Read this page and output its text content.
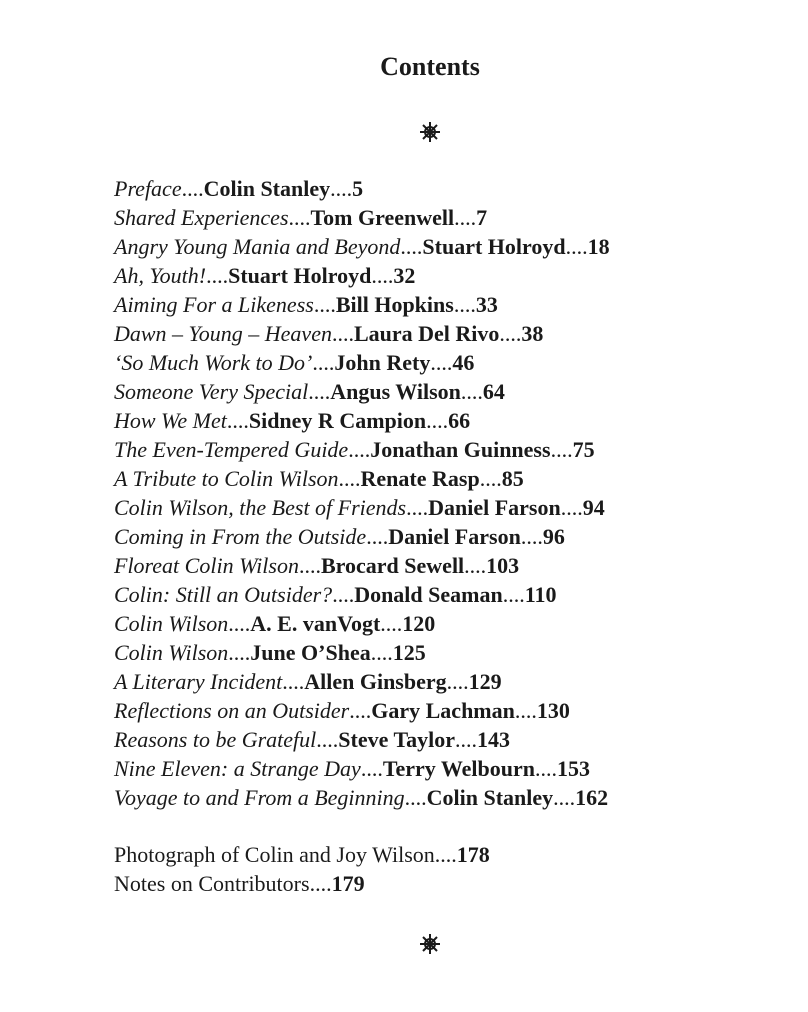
Contents
Preface....Colin Stanley....5
Shared Experiences....Tom Greenwell....7
Angry Young Mania and Beyond....Stuart Holroyd....18
Ah, Youth!....Stuart Holroyd....32
Aiming For a Likeness....Bill Hopkins....33
Dawn – Young – Heaven....Laura Del Rivo....38
‘So Much Work to Do’....John Rety....46
Someone Very Special....Angus Wilson....64
How We Met....Sidney R Campion....66
The Even-Tempered Guide....Jonathan Guinness....75
A Tribute to Colin Wilson....Renate Rasp....85
Colin Wilson, the Best of Friends....Daniel Farson....94
Coming in From the Outside....Daniel Farson....96
Floreat Colin Wilson....Brocard Sewell....103
Colin: Still an Outsider?....Donald Seaman....110
Colin Wilson....A. E. vanVogt....120
Colin Wilson....June O’Shea....125
A Literary Incident....Allen Ginsberg....129
Reflections on an Outsider....Gary Lachman....130
Reasons to be Grateful....Steve Taylor....143
Nine Eleven: a Strange Day....Terry Welbourn....153
Voyage to and From a Beginning....Colin Stanley....162
Photograph of Colin and Joy Wilson....178
Notes on Contributors....179
